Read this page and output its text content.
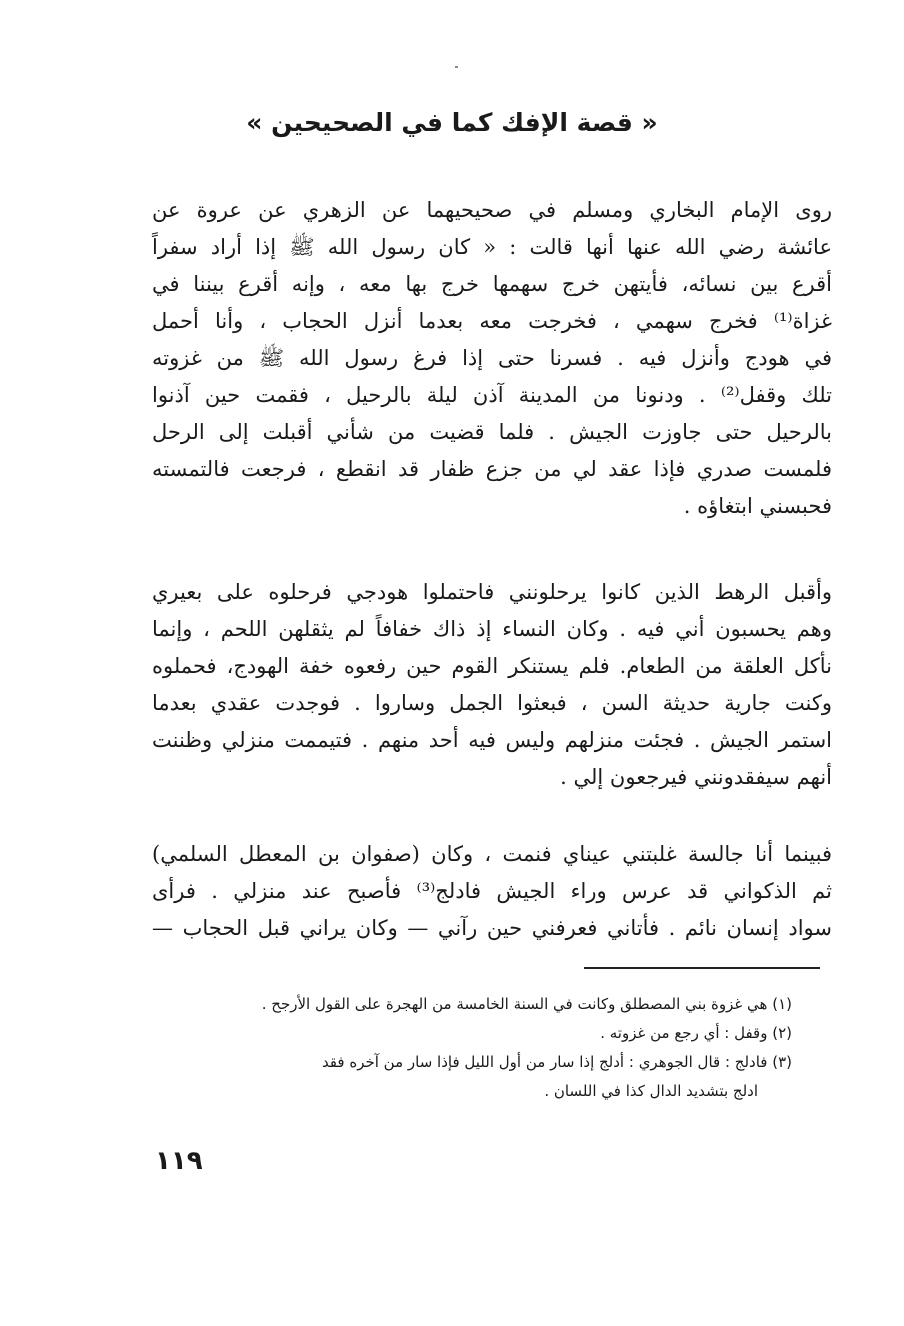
« قصة الإفك كما في الصحيحين »
روى الإمام البخاري ومسلم في صحيحيهما عن الزهري عن عروة عن
عائشة رضي الله عنها أنها قالت : « كان رسول الله ﷺ إذا أراد سفراً
أقرع بين نسائه، فأيتهن خرج سهمها خرج بها معه ، وإنه أقرع بيننا في
غزاة⁽¹⁾ فخرج سهمي ، فخرجت معه بعدما أنزل الحجاب ، وأنا أحمل
في هودج وأنزل فيه . فسرنا حتى إذا فرغ رسول الله ﷺ من غزوته
تلك وقفل⁽²⁾ . ودنونا من المدينة آذن ليلة بالرحيل ، فقمت حين آذنوا
بالرحيل حتى جاوزت الجيش . فلما قضيت من شأني أقبلت إلى الرحل
فلمست صدري فإذا عقد لي من جزع ظفار قد انقطع ، فرجعت فالتمسته
فحبسني ابتغاؤه .
وأقبل الرهط الذين كانوا يرحلونني فاحتملوا هودجي فرحلوه على بعيري
وهم يحسبون أني فيه . وكان النساء إذ ذاك خفافاً لم يثقلهن اللحم ، وإنما
نأكل العلقة من الطعام. فلم يستنكر القوم حين رفعوه خفة الهودج، فحملوه
وكنت جارية حديثة السن ، فبعثوا الجمل وساروا . فوجدت عقدي بعدما
استمر الجيش . فجئت منزلهم وليس فيه أحد منهم . فتيممت منزلي وظننت
أنهم سيفقدونني فيرجعون إلي .
فبينما أنا جالسة غلبتني عيناي فنمت ، وكان (صفوان بن المعطل السلمي)
ثم الذكواني قد عرس وراء الجيش فادلج⁽³⁾ فأصبح عند منزلي . فرأى
سواد إنسان نائم . فأتاني فعرفني حين رآني — وكان يراني قبل الحجاب —
(١) هي غزوة بني المصطلق وكانت في السنة الخامسة من الهجرة على القول الأرجح .
(٢) وقفل : أي رجع من غزوته .
(٣) فادلج : قال الجوهري : أدلج إذا سار من أول الليل فإذا سار من آخره فقد
ادلج بتشديد الدال كذا في اللسان .
١١٩
